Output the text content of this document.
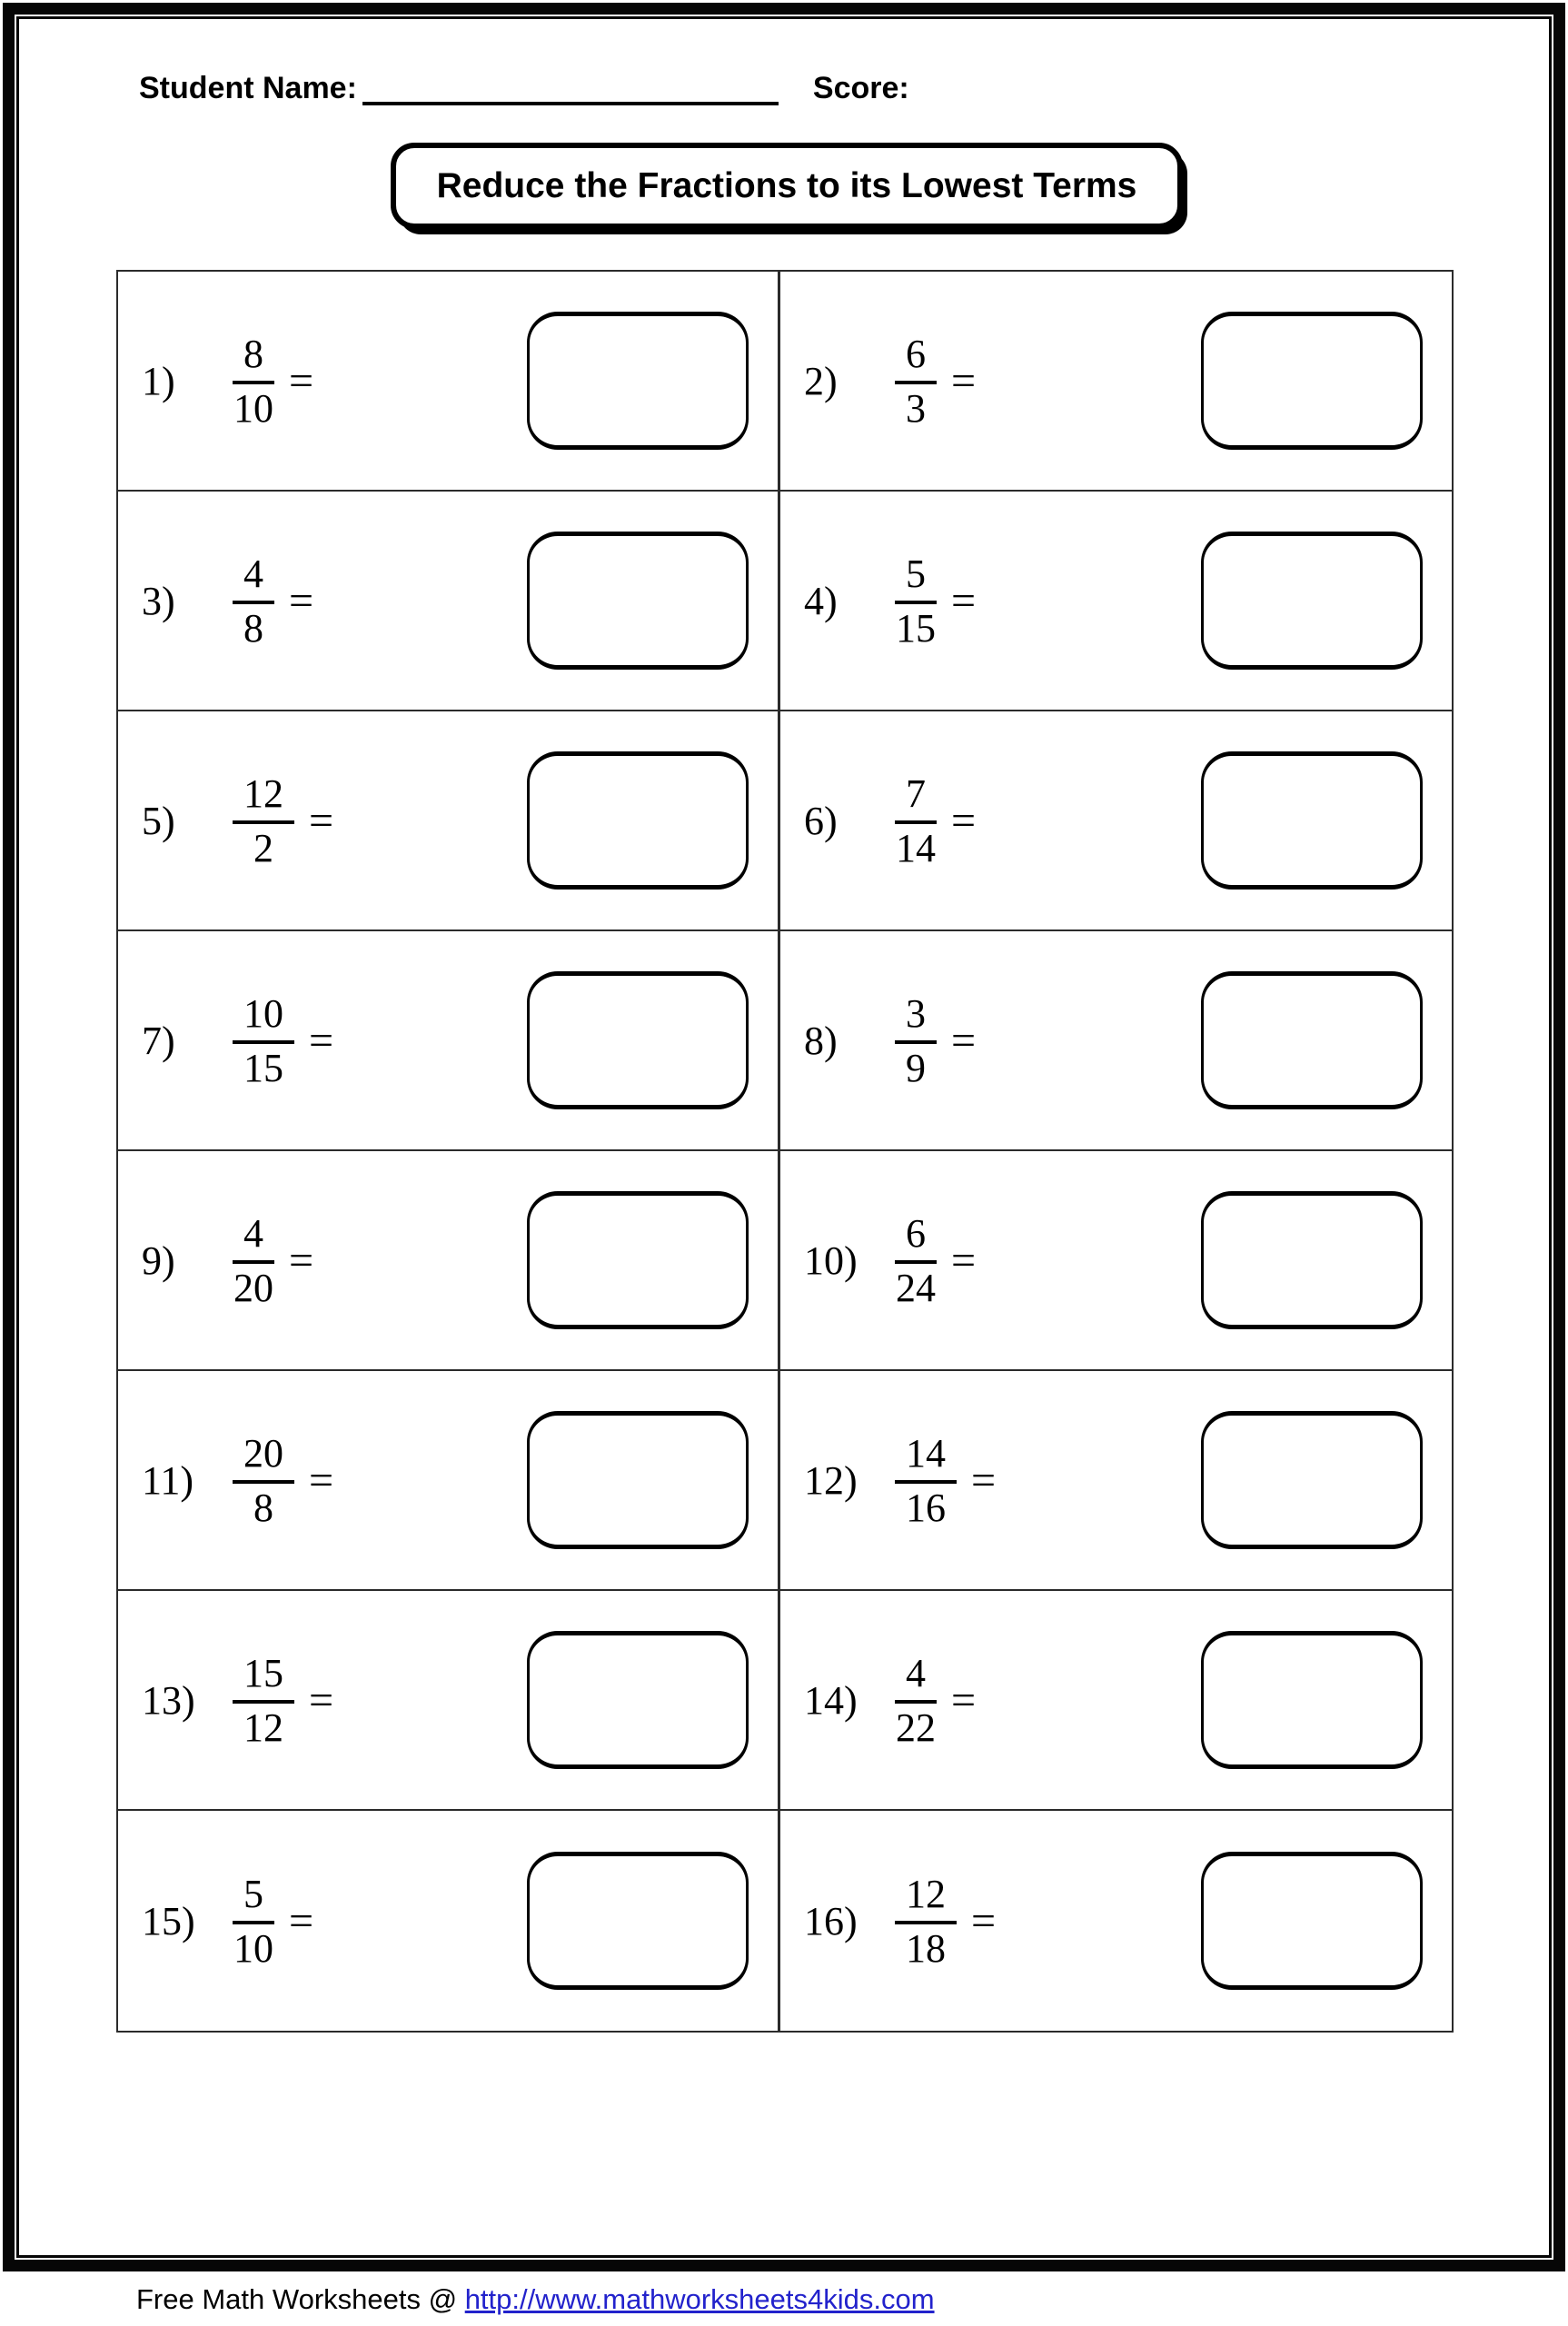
Student Name:	Score:
Reduce the Fractions to its Lowest Terms
1)	$\frac{8}{10}$ =	2)	$\frac{6}{3}$ =
3)	$\frac{4}{8}$ =	4)	$\frac{5}{15}$ =
5)	$\frac{12}{2}$ =	6)	$\frac{7}{14}$ =
7)	$\frac{10}{15}$ =	8)	$\frac{3}{9}$ =
9)	$\frac{4}{20}$ =	$10) \frac{6}{24}$ =
$11) \frac{20}{8}$ =	$12) \frac{14}{16}$ =
$13) \frac{15}{12}$ =	$14) \frac{4}{22}$ =
$15) \frac{5}{10}$ =	$16) \frac{12}{18}$ =
Free Math Worksheets @ http://www.mathworksheets4kids.com
